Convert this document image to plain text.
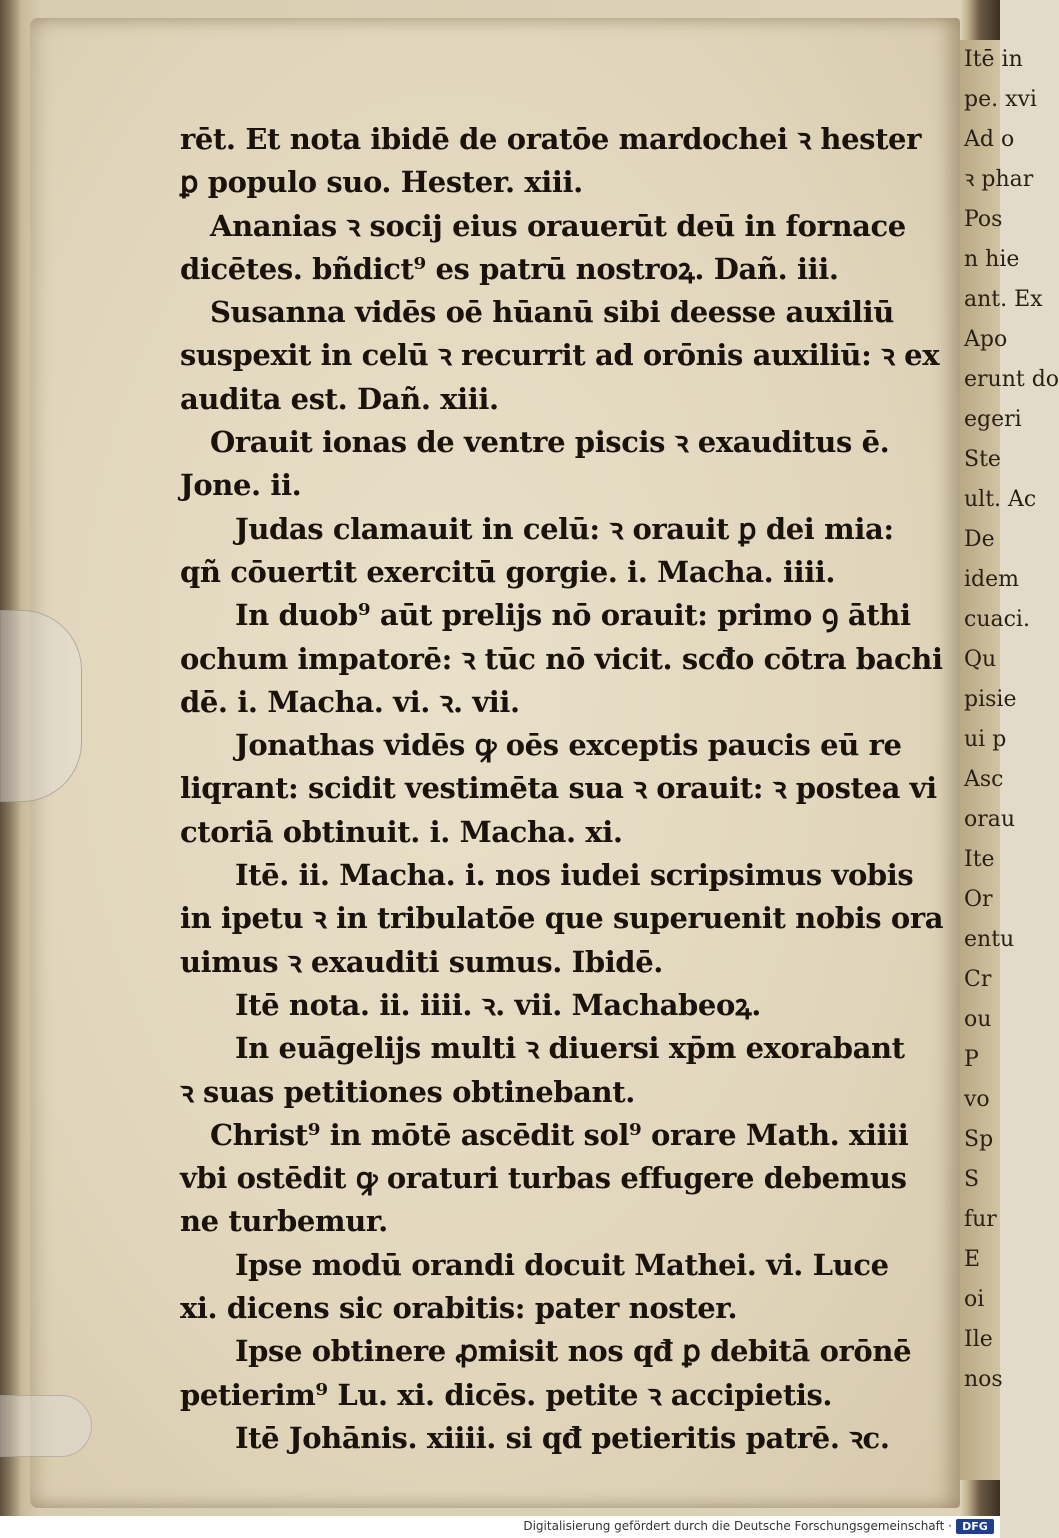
Itē in
pe. xvi
Ad o
ꝛ phar
Pos
n hie
ant. Ex
Apo
erunt do
egeri
Ste
ult. Ac
De
idem
cuaci.
Qu
pisie
ui p
Asc
orau
Ite
Or
entu
Cr
ou
P
vo
Sp
S
fur
E
oi
Ile
nos
rēt. Et nota ibidē de oratōe mardochei ꝛ hester
ꝑ populo suo. Hester. xiii.
Ananias ꝛ socij eius orauerūt deū in fornace
dicētes. bñdict⁹ es patrū nostroꝝ. Dañ. iii.
Susanna vidēs oē hūanū sibi deesse auxiliū
suspexit in celū ꝛ recurrit ad orōnis auxiliū: ꝛ ex
audita est. Dañ. xiii.
Orauit ionas de ventre piscis ꝛ exauditus ē.
Jone. ii.
Judas clamauit in celū: ꝛ orauit ꝑ dei mia:
qñ cōuertit exercitū gorgie. i. Macha. iiii.
In duob⁹ aūt prelijs nō orauit: primo ꝯ āthi
ochum impatorē: ꝛ tūc nō vicit. scđo cōtra bachi
dē. i. Macha. vi. ꝛ. vii.
Jonathas vidēs ꝙ oēs exceptis paucis eū re
liqrant: scidit vestimēta sua ꝛ orauit: ꝛ postea vi
ctoriā obtinuit. i. Macha. xi.
Itē. ii. Macha. i. nos iudei scripsimus vobis
in ipetu ꝛ in tribulatōe que superuenit nobis ora
uimus ꝛ exauditi sumus. Ibidē.
Itē nota. ii. iiii. ꝛ. vii. Machabeoꝝ.
In euāgelijs multi ꝛ diuersi xp̄m exorabant
ꝛ suas petitiones obtinebant.
Christ⁹ in mōtē ascēdit sol⁹ orare Math. xiiii
vbi ostēdit ꝙ oraturi turbas effugere debemus
ne turbemur.
Ipse modū orandi docuit Mathei. vi. Luce
xi. dicens sic orabitis: pater noster.
Ipse obtinere ꝓmisit nos qđ ꝑ debitā orōnē
petierim⁹ Lu. xi. dicēs. petite ꝛ accipietis.
Itē Johānis. xiiii. si qđ petieritis patrē. ꝛc.
Digitalisierung gefördert durch die Deutsche Forschungsgemeinschaft · DFG
